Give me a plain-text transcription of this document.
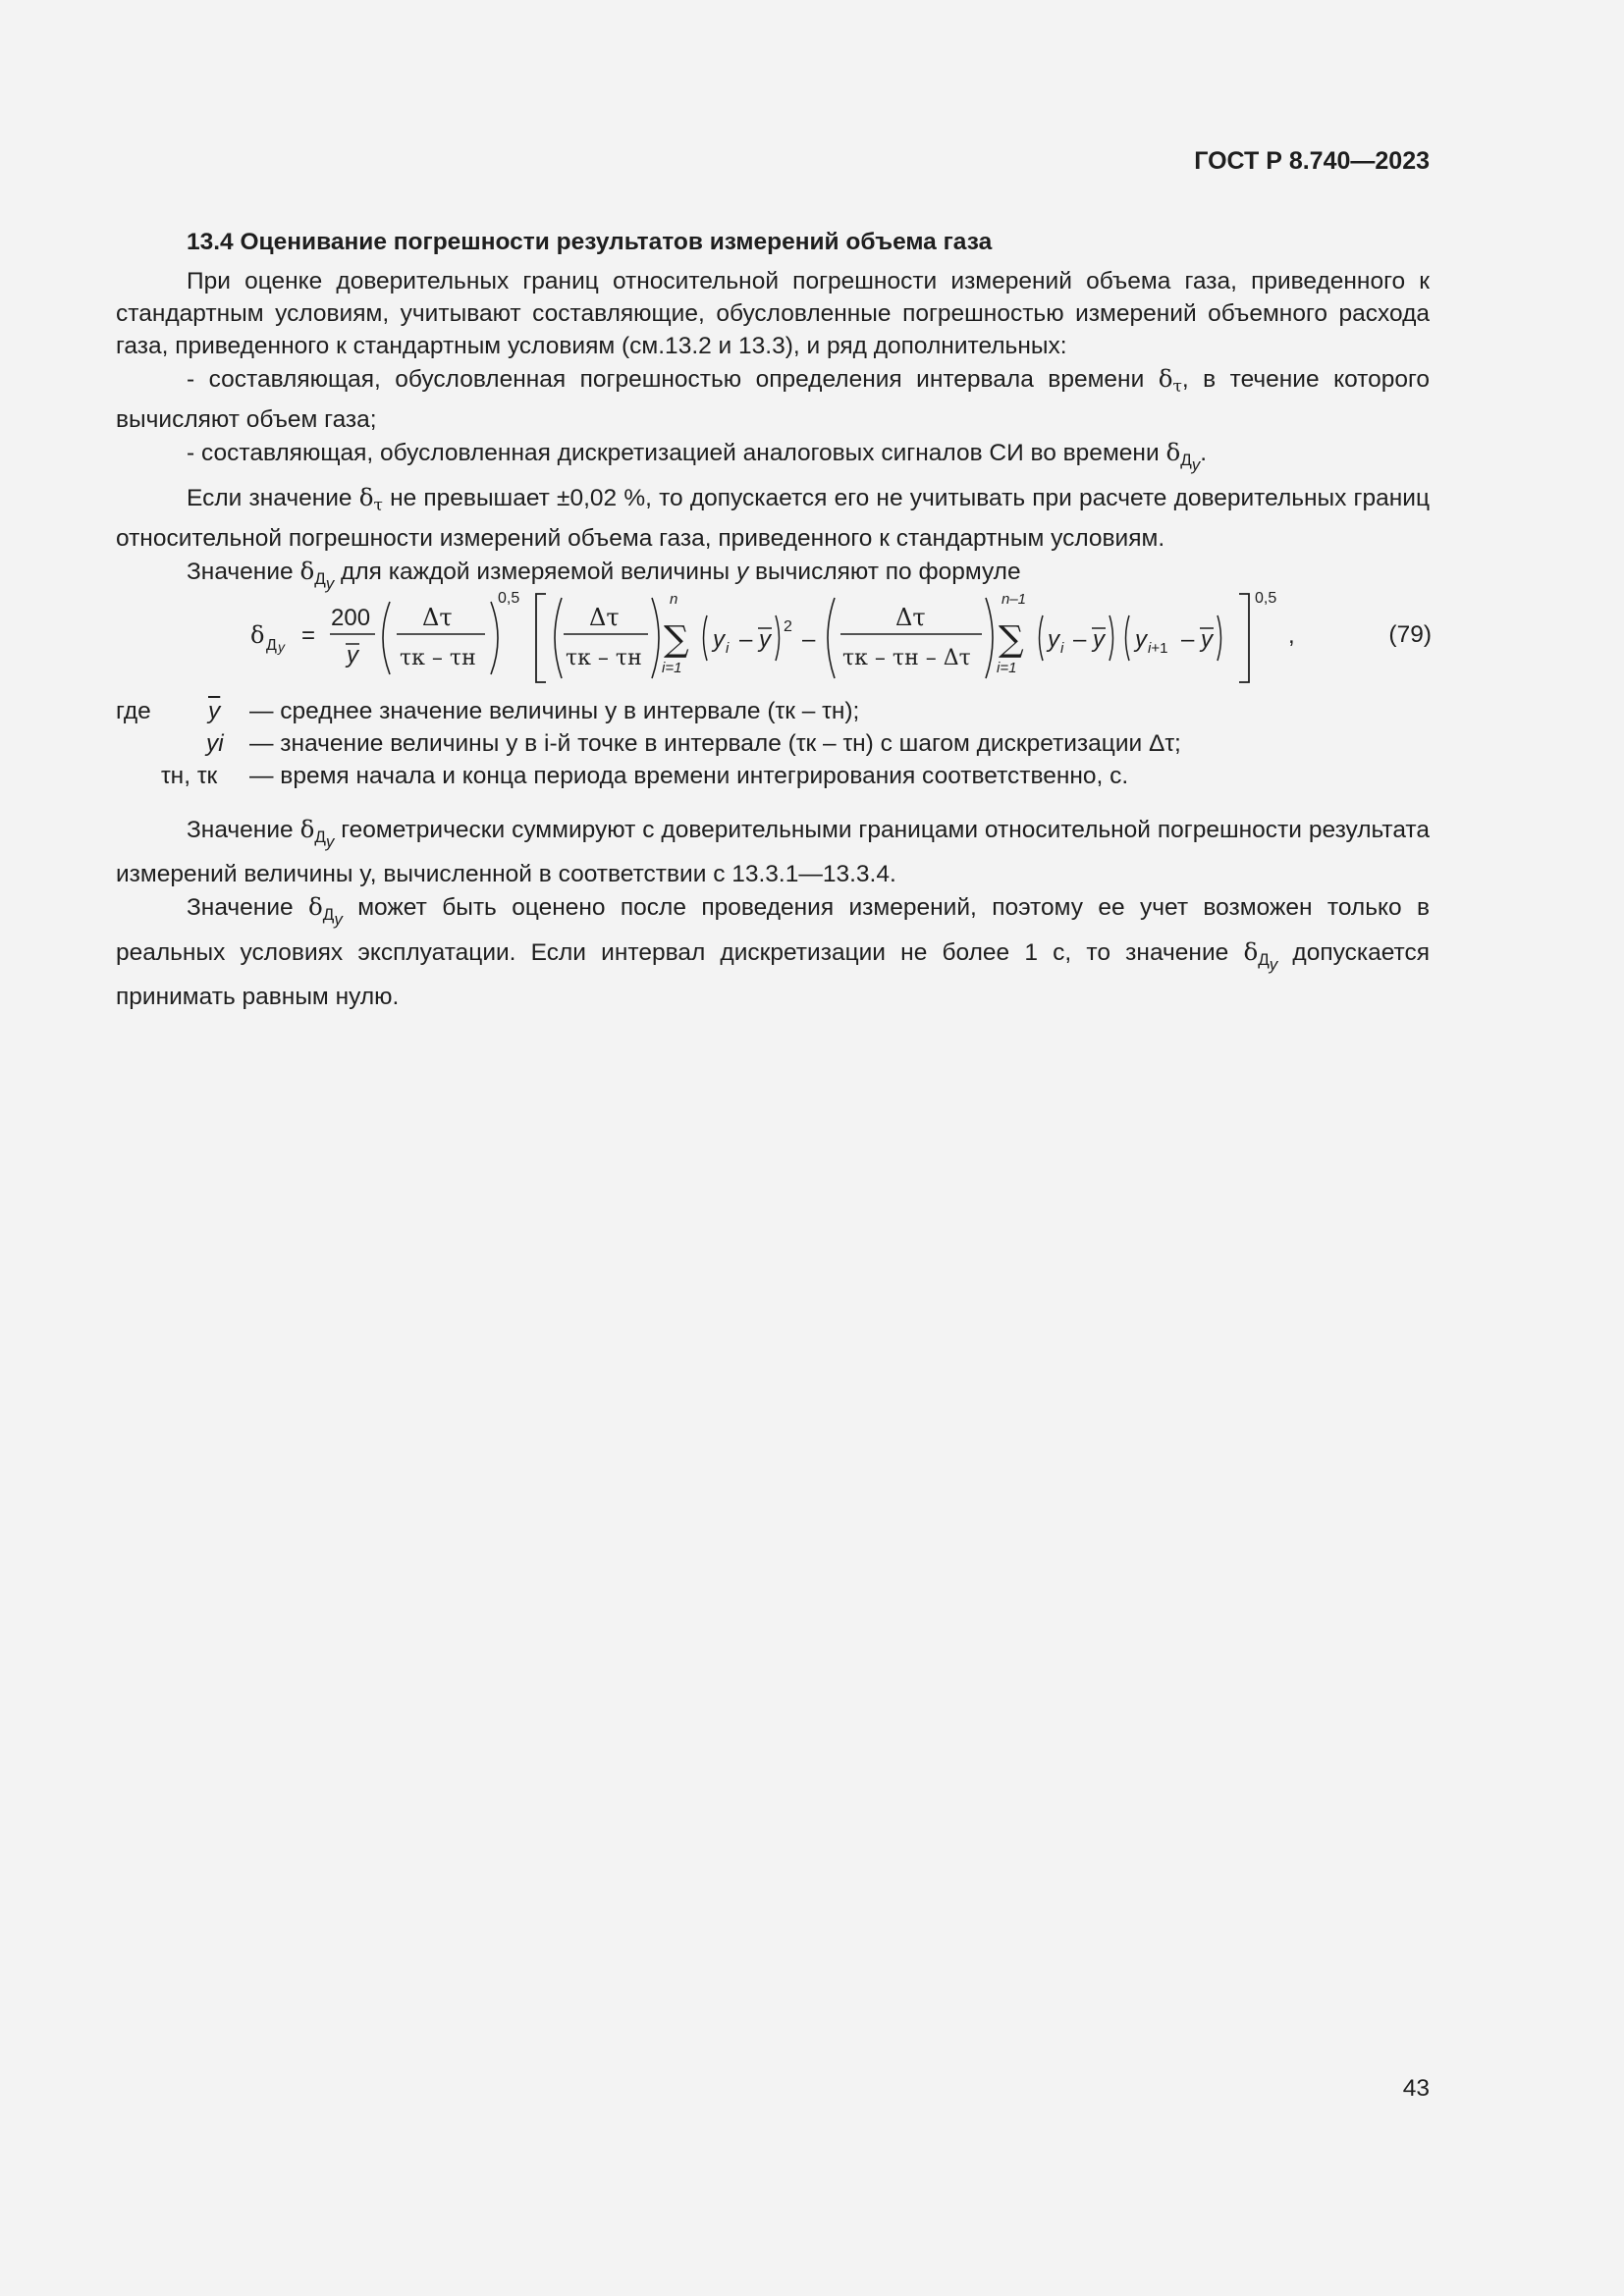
ГОСТ Р 8.740—2023
13.4 Оценивание погрешности результатов измерений объема газа

При оценке доверительных границ относительной погрешности измерений объема газа, приведенного к стандартным условиям, учитывают составляющие, обусловленные погрешностью измерений объемного расхода газа, приведенного к стандартным условиям (см.13.2 и 13.3), и ряд дополнительных:

- составляющая, обусловленная погрешностью определения интервала времени $\delta_\tau$, в течение которого вычисляют объем газа;

- составляющая, обусловленная дискретизацией аналоговых сигналов СИ во времени $\delta_{Дy}$.

Если значение $\delta_\tau$ не превышает ±0,02 %, то допускается его не учитывать при расчете доверительных границ относительной погрешности измерений объема газа, приведенного к стандартным условиям.

Значение $\delta_{Дy}$ для каждой измеряемой величины y вычисляют по формуле

δ Д y =
200
y
Δτ
τк – τн
0,5
Δτ
τк – τн
n
∑
i=1
y i – y 2 –
Δτ
τк – τн – Δτ
n–1
∑
i=1
y i – y y i+1 – y
0,5
,	(79)
где $\overline{y}$ — среднее значение величины y в интервале (τк – τн);
yi — значение величины y в i-й точке в интервале (τк – τн) с шагом дискретизации Δτ;
τн, τк — время начала и конца периода времени интегрирования соответственно, с.

Значение $\delta_{Дy}$ геометрически суммируют с доверительными границами относительной погрешности результата измерений величины y, вычисленной в соответствии с 13.3.1—13.3.4.

Значение $\delta_{Дy}$ может быть оценено после проведения измерений, поэтому ее учет возможен только в реальных условиях эксплуатации. Если интервал дискретизации не более 1 с, то значение $\delta_{Дy}$ допускается принимать равным нулю.

43
